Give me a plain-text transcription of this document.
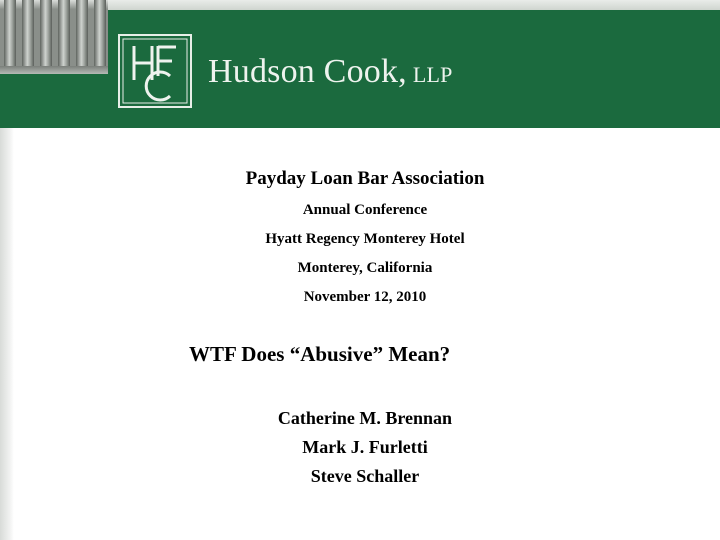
Hudson Cook, LLP
Payday Loan Bar Association
Annual Conference
Hyatt Regency Monterey Hotel
Monterey, California
November 12, 2010
WTF Does “Abusive” Mean?
Catherine M. Brennan
Mark J. Furletti
Steve Schaller
